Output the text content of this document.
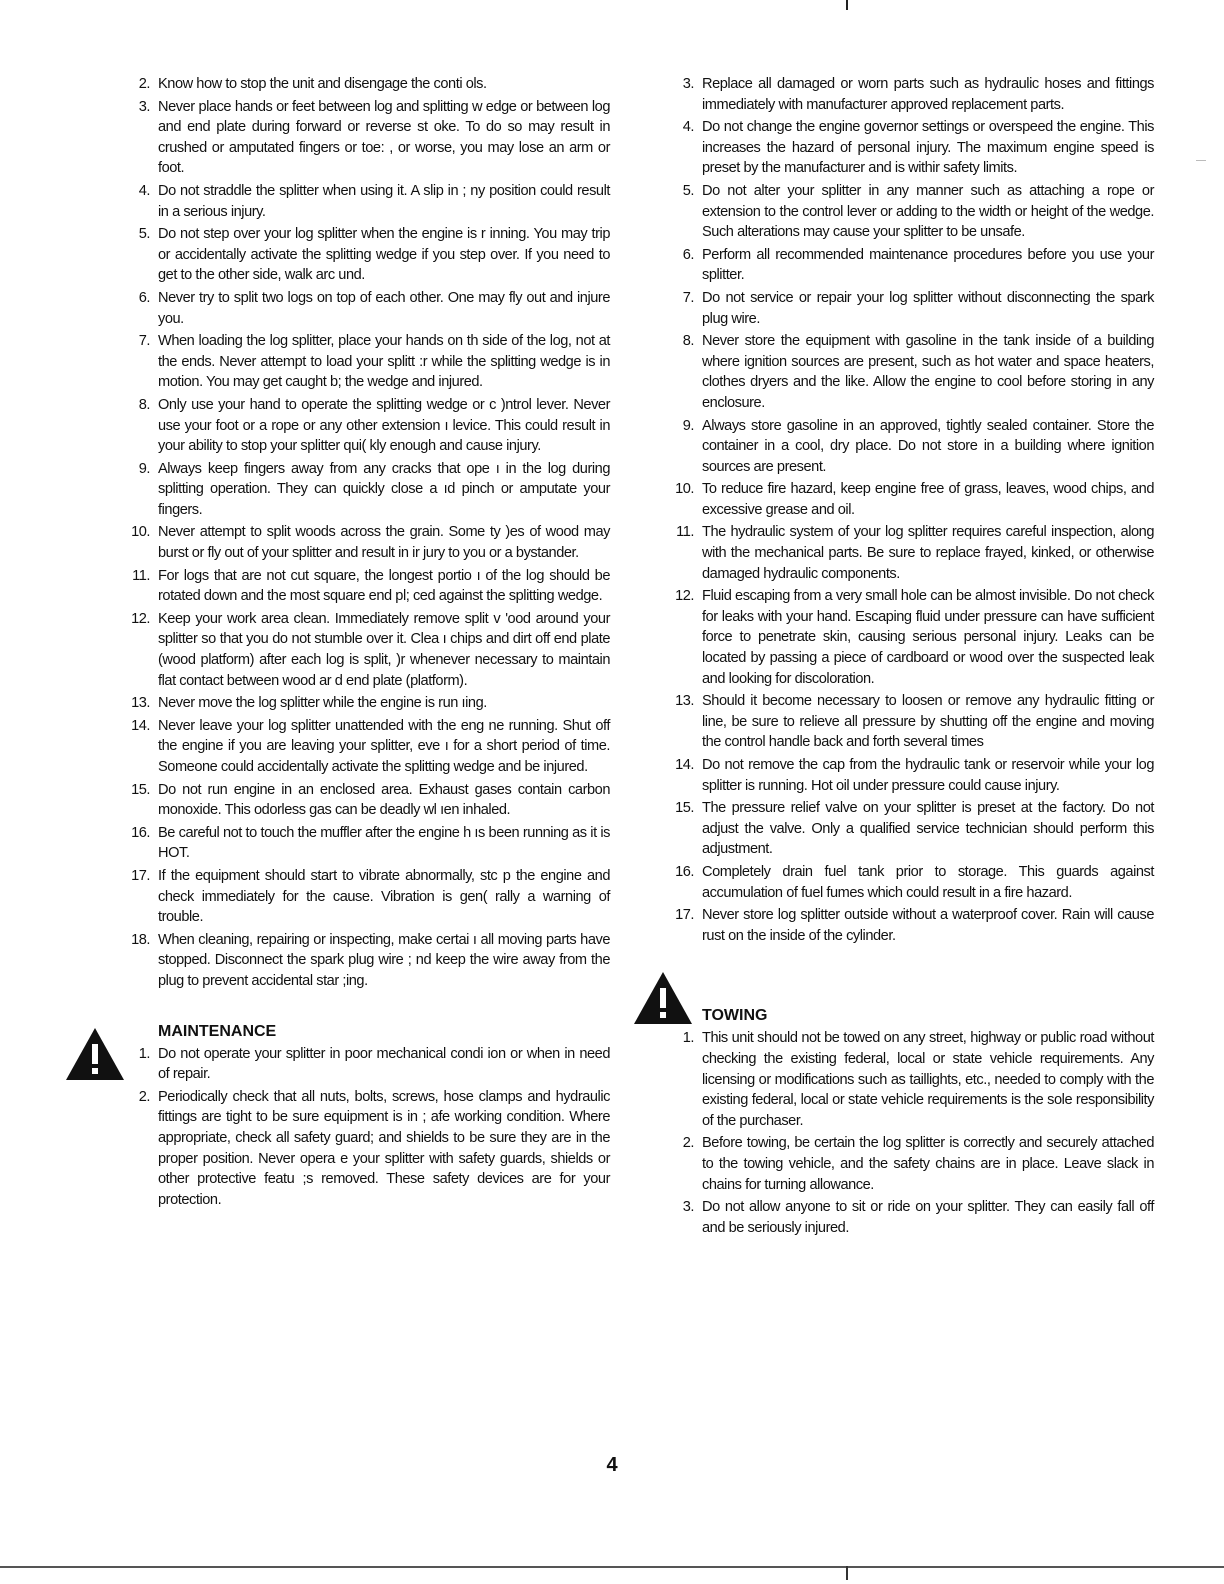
2. Know how to stop the unit and disengage the conti ols.
3. Never place hands or feet between log and splitting w edge or between log and end plate during forward or reverse st oke. To do so may result in crushed or amputated fingers or toe: , or worse, you may lose an arm or foot.
4. Do not straddle the splitter when using it. A slip in ; ny position could result in a serious injury.
5. Do not step over your log splitter when the engine is r inning. You may trip or accidentally activate the splitting wedge if you step over. If you need to get to the other side, walk arc und.
6. Never try to split two logs on top of each other. One may fly out and injure you.
7. When loading the log splitter, place your hands on th side of the log, not at the ends. Never attempt to load your splitt :r while the splitting wedge is in motion. You may get caught b; the wedge and injured.
8. Only use your hand to operate the splitting wedge or c )ntrol lever. Never use your foot or a rope or any other extension ı levice. This could result in your ability to stop your splitter qui( kly enough and cause injury.
9. Always keep fingers away from any cracks that ope ı in the log during splitting operation. They can quickly close a ıd pinch or amputate your fingers.
10. Never attempt to split woods across the grain. Some ty )es of wood may burst or fly out of your splitter and result in ir jury to you or a bystander.
11. For logs that are not cut square, the longest portio ı of the log should be rotated down and the most square end pl; ced against the splitting wedge.
12. Keep your work area clean. Immediately remove split v 'ood around your splitter so that you do not stumble over it. Clea ı chips and dirt off end plate (wood platform) after each log is split, )r whenever necessary to maintain flat contact between wood ar d end plate (platform).
13. Never move the log splitter while the engine is run ıing.
14. Never leave your log splitter unattended with the eng ne running. Shut off the engine if you are leaving your splitter, eve ı for a short period of time. Someone could accidentally activate the splitting wedge and be injured.
15. Do not run engine in an enclosed area. Exhaust gases contain carbon monoxide. This odorless gas can be deadly wl ıen inhaled.
16. Be careful not to touch the muffler after the engine h ıs been running as it is HOT.
17. If the equipment should start to vibrate abnormally, stc p the engine and check immediately for the cause. Vibration is gen( rally a warning of trouble.
18. When cleaning, repairing or inspecting, make certai ı all moving parts have stopped. Disconnect the spark plug wire ; nd keep the wire away from the plug to prevent accidental star ;ing.
MAINTENANCE
1. Do not operate your splitter in poor mechanical condi ion or when in need of repair.
2. Periodically check that all nuts, bolts, screws, hose clamps and hydraulic fittings are tight to be sure equipment is in ; afe working condition. Where appropriate, check all safety guard; and shields to be sure they are in the proper position. Never opera e your splitter with safety guards, shields or other protective featu ;s removed. These safety devices are for your protection.
3. Replace all damaged or worn parts such as hydraulic hoses and fittings immediately with manufacturer approved replacement parts.
4. Do not change the engine governor settings or overspeed the engine. This increases the hazard of personal injury. The maximum engine speed is preset by the manufacturer and is withir safety limits.
5. Do not alter your splitter in any manner such as attaching a rope or extension to the control lever or adding to the width or height of the wedge. Such alterations may cause your splitter to be unsafe.
6. Perform all recommended maintenance procedures before you use your splitter.
7. Do not service or repair your log splitter without disconnecting the spark plug wire.
8. Never store the equipment with gasoline in the tank inside of a building where ignition sources are present, such as hot water and space heaters, clothes dryers and the like. Allow the engine to cool before storing in any enclosure.
9. Always store gasoline in an approved, tightly sealed container. Store the container in a cool, dry place. Do not store in a building where ignition sources are present.
10. To reduce fire hazard, keep engine free of grass, leaves, wood chips, and excessive grease and oil.
11. The hydraulic system of your log splitter requires careful inspection, along with the mechanical parts. Be sure to replace frayed, kinked, or otherwise damaged hydraulic components.
12. Fluid escaping from a very small hole can be almost invisible. Do not check for leaks with your hand. Escaping fluid under pressure can have sufficient force to penetrate skin, causing serious personal injury. Leaks can be located by passing a piece of cardboard or wood over the suspected leak and looking for discoloration.
13. Should it become necessary to loosen or remove any hydraulic fitting or line, be sure to relieve all pressure by shutting off the engine and moving the control handle back and forth several times
14. Do not remove the cap from the hydraulic tank or reservoir while your log splitter is running. Hot oil under pressure could cause injury.
15. The pressure relief valve on your splitter is preset at the factory. Do not adjust the valve. Only a qualified service technician should perform this adjustment.
16. Completely drain fuel tank prior to storage. This guards against accumulation of fuel fumes which could result in a fire hazard.
17. Never store log splitter outside without a waterproof cover. Rain will cause rust on the inside of the cylinder.
TOWING
1. This unit should not be towed on any street, highway or public road without checking the existing federal, local or state vehicle requirements. Any licensing or modifications such as taillights, etc., needed to comply with the existing federal, local or state vehicle requirements is the sole responsibility of the purchaser.
2. Before towing, be certain the log splitter is correctly and securely attached to the towing vehicle, and the safety chains are in place. Leave slack in chains for turning allowance.
3. Do not allow anyone to sit or ride on your splitter. They can easily fall off and be seriously injured.
4
